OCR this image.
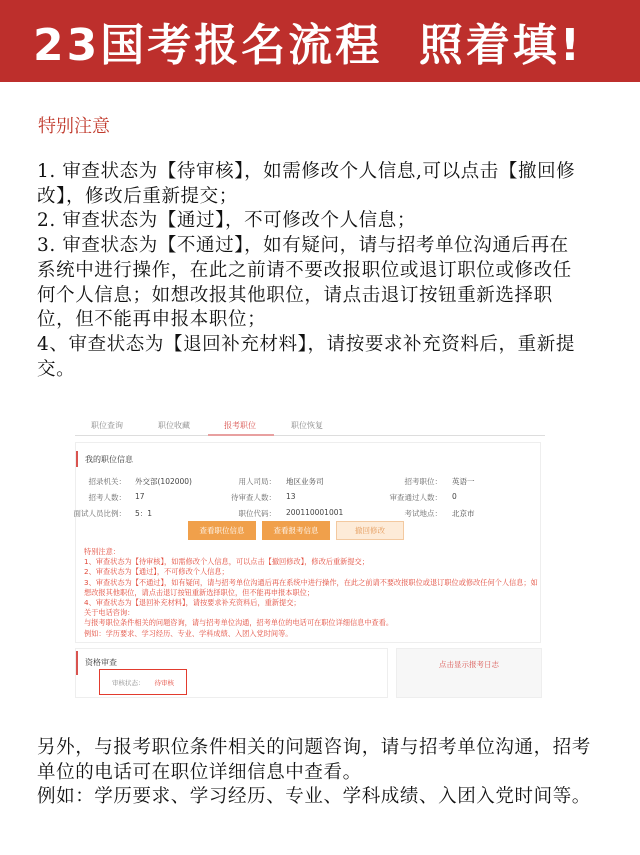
23国考报名流程  照着填!
特别注意
1. 审查状态为【待审核】，如需修改个人信息,可以点击【撤回修改】，修改后重新提交；
2. 审查状态为【通过】，不可修改个人信息；
3. 审查状态为【不通过】，如有疑问，请与招考单位沟通后再在系统中进行操作，在此之前请不要改报职位或退订职位或修改任何个人信息；如想改报其他职位，请点击退订按钮重新选择职位，但不能再申报本职位；
4、审查状态为【退回补充材料】，请按要求补充资料后，重新提交。
职位查询	职位收藏	报考职位	职位恢复
我的职位信息
招录机关： 外交部(102000)	用人司局： 地区业务司	招考职位： 英语一
招考人数： 17	待审查人数： 13	审查通过人数： 0
面试人员比例： 5：1	职位代码： 200110001001	考试地点： 北京市
查看职位信息	查看报考信息	撤回修改
特别注意：
1、审查状态为【待审核】，如需修改个人信息，可以点击【撤回修改】，修改后重新提交；
2、审查状态为【通过】，不可修改个人信息；
3、审查状态为【不通过】，如有疑问，请与招考单位沟通后再在系统中进行操作，在此之前请不要改报职位或退订职位或修改任何个人信息；如想改报其他职位，请点击退订按钮重新选择职位，但不能再申报本职位；
4、审查状态为【退回补充材料】，请按要求补充资料后，重新提交；
关于电话咨询：
与报考职位条件相关的问题咨询，请与招考单位沟通，招考单位的电话可在职位详细信息中查看。
例如：学历要求、学习经历、专业、学科成绩、入团入党时间等。
资格审查
审核状态： 待审核
点击显示报考日志
另外，与报考职位条件相关的问题咨询，请与招考单位沟通，招考单位的电话可在职位详细信息中查看。
例如：学历要求、学习经历、专业、学科成绩、入团入党时间等。
